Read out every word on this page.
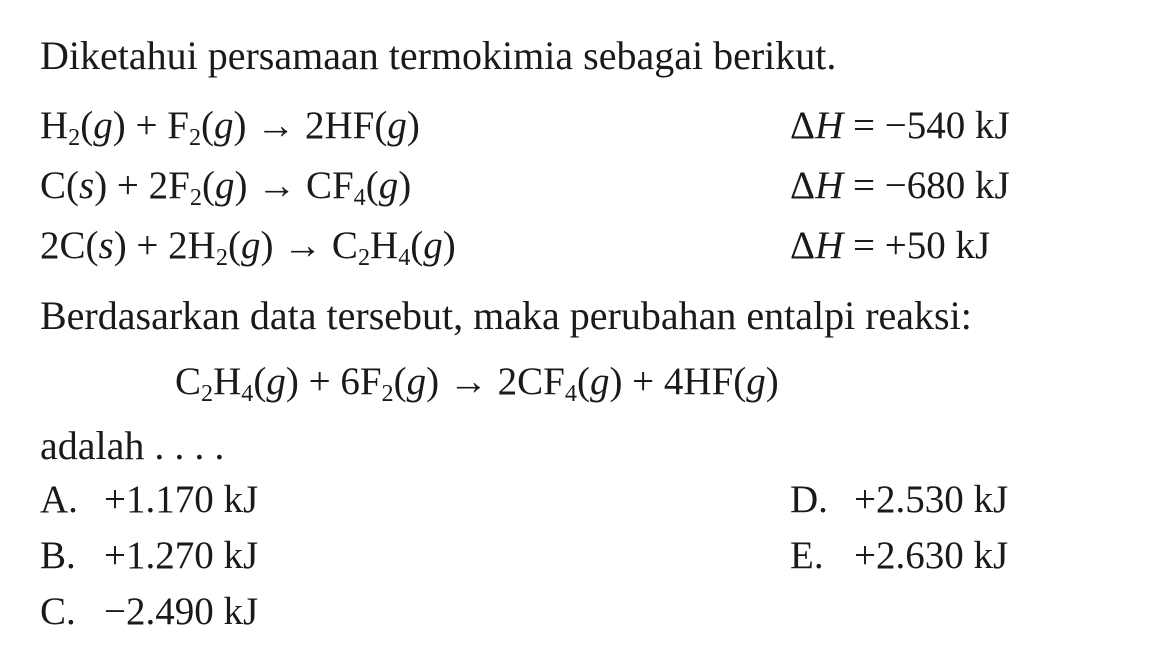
Diketahui persamaan termokimia sebagai berikut.
$H_2(g) + F_2(g) \to 2HF(g)$	ΔH = −540 kJ
$C(s) + 2F_2(g) \to CF_4(g)$	ΔH = −680 kJ
$2C(s) + 2H_2(g) \to C_2H_4(g)$	ΔH = +50 kJ
Berdasarkan data tersebut, maka perubahan entalpi reaksi:
$C_2H_4(g) + 6F_2(g) \to 2CF_4(g) + 4HF(g)$
adalah . . . .
A. +1.170 kJ
B. +1.270 kJ
C. −2.490 kJ
D. +2.530 kJ
E. +2.630 kJ
